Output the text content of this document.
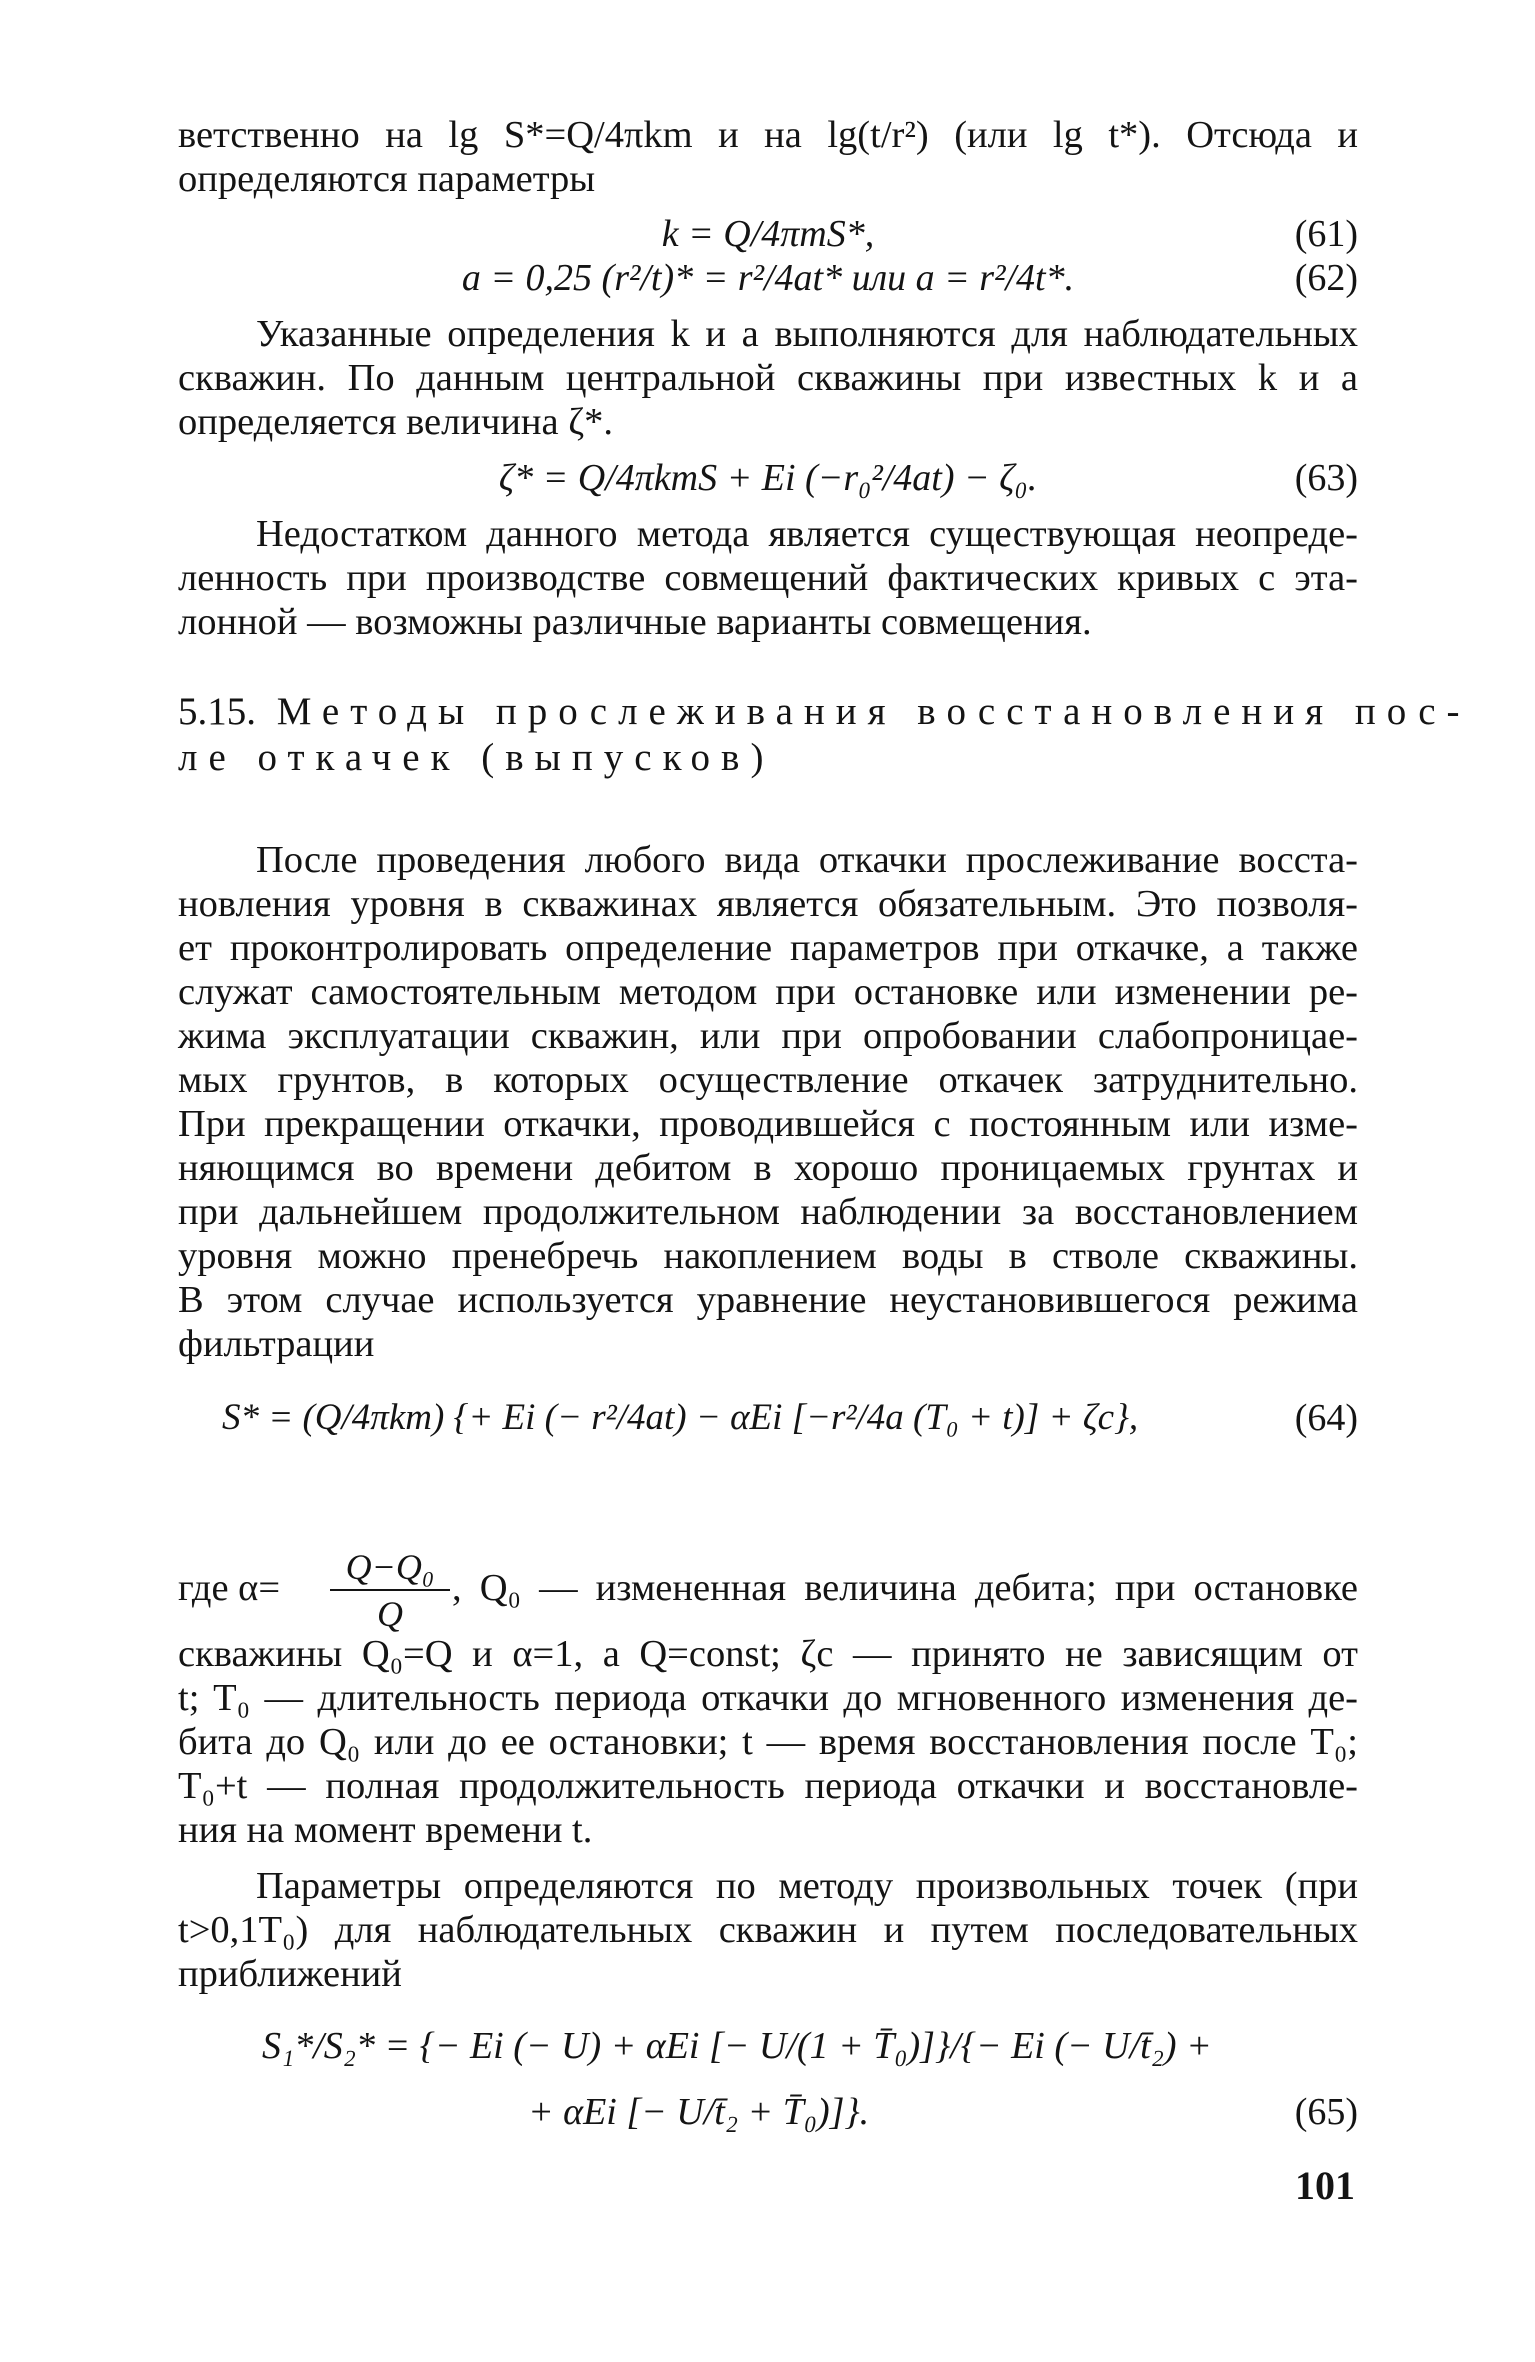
ветственно на lg S*=Q/4πkm и на lg(t/r²) (или lg t*). Отсюда и
определяются параметры
k = Q/4πmS*,	(61)
a = 0,25 (r²/t)* = r²/4at* или a = r²/4t*.	(62)
Указанные определения k и a выполняются для наблюдательных
скважин. По данным центральной скважины при известных k и a
определяется величина ζ*.
ζ* = Q/4πkmS + Ei (−r₀²/4at) − ζ₀.	(63)
Недостатком данного метода является существующая неопреде-
ленность при производстве совмещений фактических кривых с эта-
лонной — возможны различные варианты совмещения.
5.15. Методы прослеживания восстановления пос-
ле откачек (выпусков)
После проведения любого вида откачки прослеживание восста-
новления уровня в скважинах является обязательным. Это позволя-
ет проконтролировать определение параметров при откачке, а также
служат самостоятельным методом при остановке или изменении ре-
жима эксплуатации скважин, или при опробовании слабопроницае-
мых грунтов, в которых осуществление откачек затруднительно.
При прекращении откачки, проводившейся с постоянным или изме-
няющимся во времени дебитом в хорошо проницаемых грунтах и
при дальнейшем продолжительном наблюдении за восстановлением
уровня можно пренебречь накоплением воды в стволе скважины.
В этом случае используется уравнение неустановившегося режима
фильтрации
S* = (Q/4πkm) {+ Ei (− r²/4at) − αEi [−r²/4a (T₀ + t)] + ζc},	(64)
где α=	$\frac{\text{Q−Q₀}}{Q}$ , Q₀ — измененная величина дебита; при остановке
скважины Q₀=Q и α=1, а Q=const; ζc — принято не зависящим от
t; T₀ — длительность периода откачки до мгновенного изменения де-
бита до Q₀ или до ее остановки; t — время восстановления после T₀;
T₀+t — полная продолжительность периода откачки и восстановле-
ния на момент времени t.
Параметры определяются по методу произвольных точек (при
t>0,1T₀) для наблюдательных скважин и путем последовательных
приближений
S₁*/S₂* = {− Ei (− U) + αEi [− U/(1 + T̄₀)]}/{− Ei (− U/t̄₂) +
+ αEi [− U/t̄₂ + T̄₀)]}.	(65)
101
